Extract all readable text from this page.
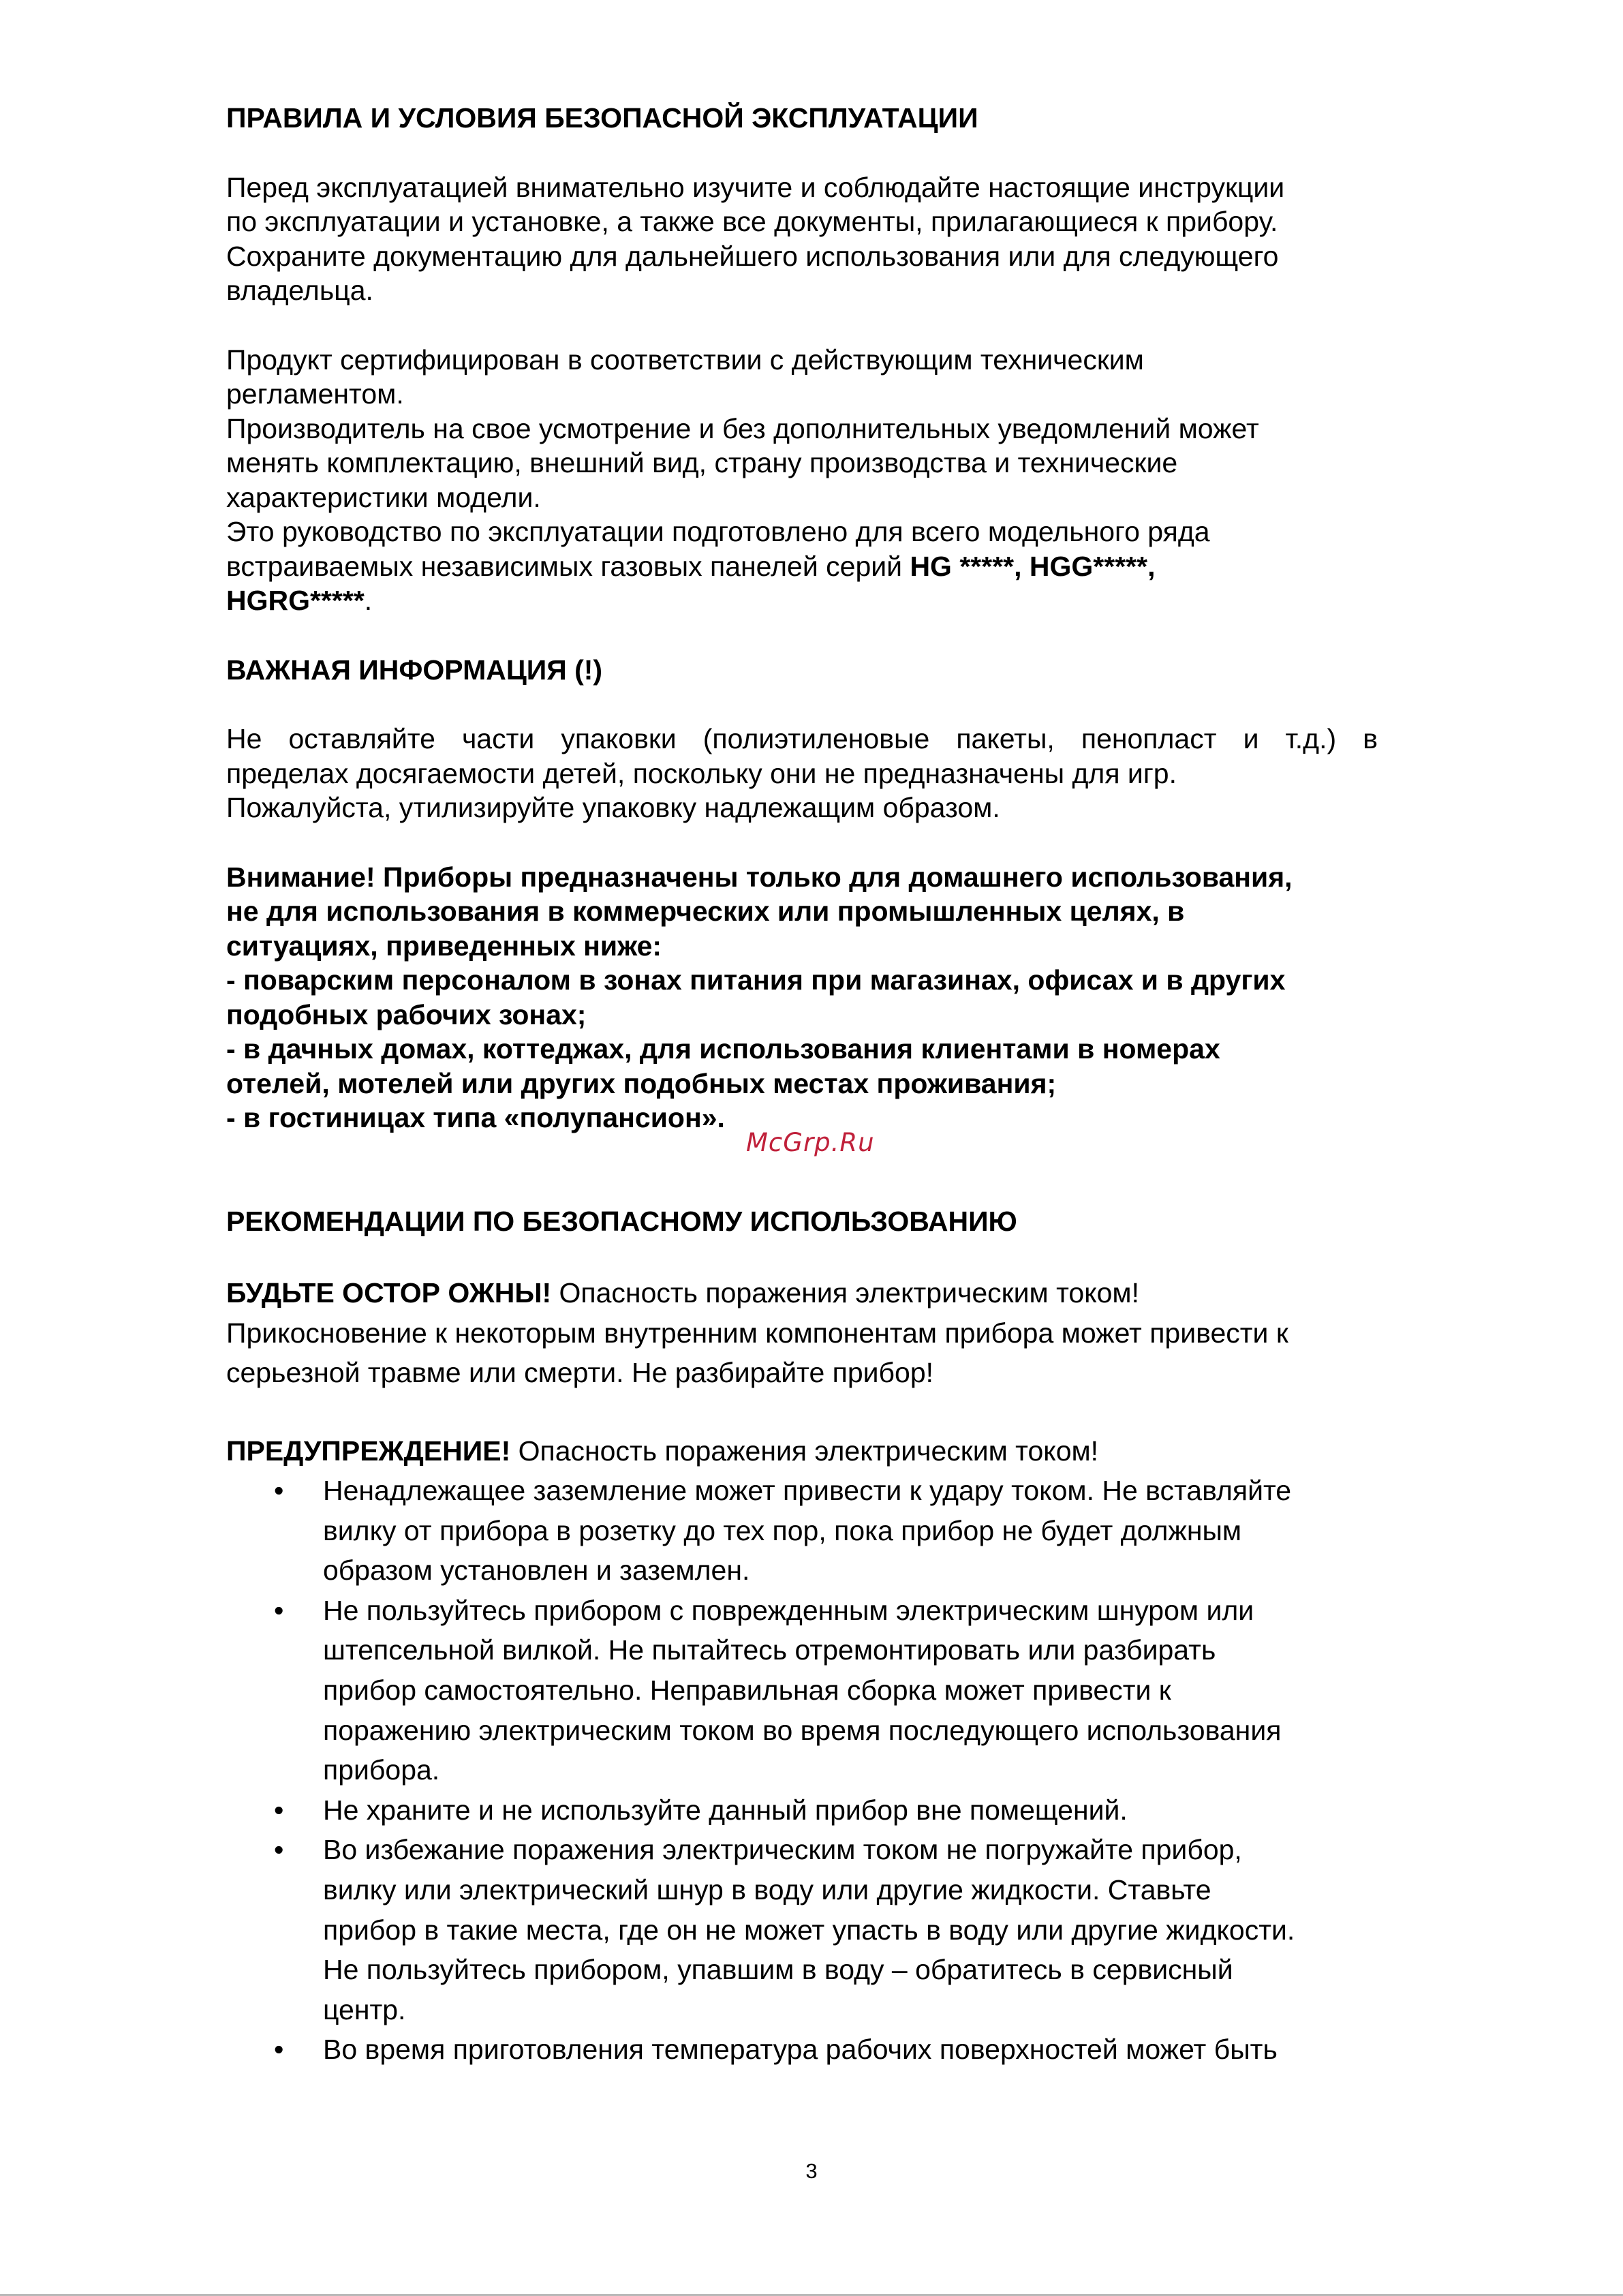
ПРАВИЛА И УСЛОВИЯ БЕЗОПАСНОЙ ЭКСПЛУАТАЦИИ

Перед эксплуатацией внимательно изучите и соблюдайте настоящие инструкции
по эксплуатации и установке, а также все документы, прилагающиеся к прибору.
Сохраните документацию для дальнейшего использования или для следующего
владельца.
Продукт сертифицирован в соответствии с действующим техническим
регламентом.
Производитель на свое усмотрение и без дополнительных уведомлений может
менять комплектацию, внешний вид, страну производства и технические
характеристики модели.
Это руководство по эксплуатации подготовлено для всего модельного ряда
встраиваемых независимых газовых панелей серий HG *****, HGG*****,
HGRG*****.

ВАЖНАЯ ИНФОРМАЦИЯ (!)

Не оставляйте части упаковки (полиэтиленовые пакеты, пенопласт и т.д.) в
пределах досягаемости детей, поскольку они не предназначены для игр.
Пожалуйста, утилизируйте упаковку надлежащим образом.
Внимание! Приборы предназначены только для домашнего использования,
не для использования в коммерческих или промышленных целях, в
ситуациях, приведенных ниже:
- поварским персоналом в зонах питания при магазинах, офисах и в других
подобных рабочих зонах;
- в дачных домах, коттеджах, для использования клиентами в номерах
отелей, мотелей или других подобных местах проживания;
- в гостиницах типа «полупансион».

РЕКОМЕНДАЦИИ ПО БЕЗОПАСНОМУ ИСПОЛЬЗОВАНИЮ

БУДЬТЕ ОСТОР ОЖНЫ! Опасность поражения электрическим током!
Прикосновение к некоторым внутренним компонентам прибора может привести к
серьезной травме или смерти. Не разбирайте прибор!
ПРЕДУПРЕЖДЕНИЕ! Опасность поражения электрическим током!
• Ненадлежащее заземление может привести к удару током. Не вставляйте
вилку от прибора в розетку до тех пор, пока прибор не будет должным
образом установлен и заземлен.
• Не пользуйтесь прибором с поврежденным электрическим шнуром или
штепсельной вилкой. Не пытайтесь отремонтировать или разбирать
прибор самостоятельно. Неправильная сборка может привести к
поражению электрическим током во время последующего использования
прибора.
• Не храните и не используйте данный прибор вне помещений.
• Во избежание поражения электрическим током не погружайте прибор,
вилку или электрический шнур в воду или другие жидкости. Ставьте
прибор в такие места, где он не может упасть в воду или другие жидкости.
Не пользуйтесь прибором, упавшим в воду – обратитесь в сервисный
центр.
• Во время приготовления температура рабочих поверхностей может быть
McGrp.Ru
3
